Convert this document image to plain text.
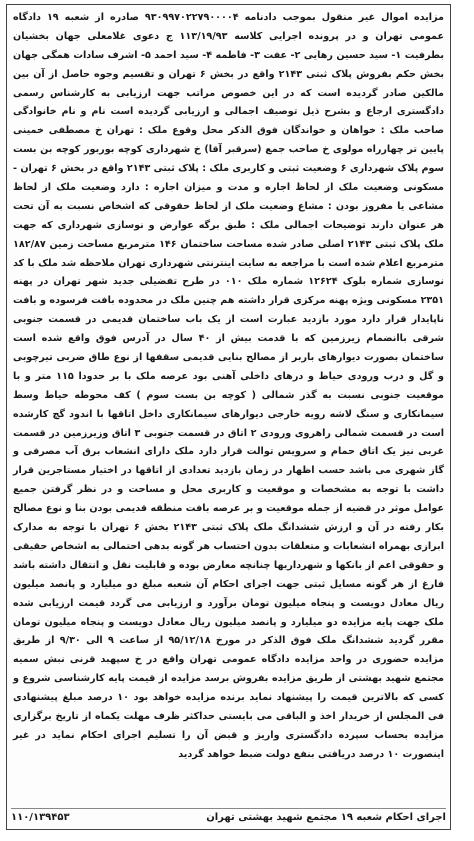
مزایده اموال غیر منقول بموجب دادنامه ۹۳۰۹۹۷۰۲۲۷۹۰۰۰۰۴ صادره از شعبه ۱۹ دادگاه عمومی تهران و در پرونده اجرایی کلاسه ۱۱۳/۱۹/۹۳ ج دعوی غلامعلی جهان بخشیان بطرفیت ۱- سید حسین رهایی ۲- عفت ۳- فاطمه ۴- سید احمد ۵- اشرف سادات همگی جهان بخش حکم بفروش پلاک ثبتی ۲۱۴۳ واقع در بخش ۶ تهران و تقسیم وجوه حاصل از آن بین مالکین صادر گردیده است که در این خصوص مراتب جهت ارزیابی به کارشناس رسمی دادگستری ارجاع و بشرح ذیل توصیف اجمالی و ارزیابی گردیده است نام و نام خانوادگی صاحب ملک : خواهان و خواندگان فوق الذکر محل وقوع ملک : تهران خ مصطفی خمینی پایین تر چهارراه مولوی خ صاحب جمع (سرقبر آقا) خ شهرداری کوچه بوربور کوچه بن بست سوم پلاک شهرداری ۶ وضعیت ثبتی و کاربری ملک : پلاک ثبتی ۲۱۴۳ واقع در بخش ۶ تهران - مسکونی وضعیت ملک از لحاظ اجاره و مدت و میزان اجاره : دارد وضعیت ملک از لحاظ مشاعی یا مفروز بودن : مشاع وضعیت ملک از لحاظ حقوقی که اشخاص نسبت به آن تحت هر عنوان دارند توضیحات اجمالی ملک : طبق برگه عوارض و نوسازی شهرداری که جهت ملک پلاک ثبتی ۲۱۴۳ اصلی صادر شده مساحت ساختمان ۱۴۶ مترمربع مساحت زمین ۱۸۲/۸۷ مترمربع اعلام شده است با مراجعه به سایت اینترنتی شهرداری تهران ملاحظه شد ملک با کد نوسازی شماره بلوک ۱۲۶۲۴ شماره ملک ۰۱۰ در طرح تفضیلی جدید شهر تهران در پهنه ۲۳۵۱ مسکونی ویژه پهنه مرکزی قرار داشته هم چنین ملک در محدوده بافت فرسوده و بافت ناپایدار قرار دارد مورد بازدید عبارت است از یک باب ساختمان قدیمی در قسمت جنوبی شرقی باانضمام زیرزمین که با قدمت بیش از ۴۰ سال در آدرس فوق واقع شده است ساختمان بصورت دیوارهای باربر از مصالح بنایی قدیمی سقفها از نوع طاق ضربی تیرچوبی و گل و درب ورودی حیاط و درهای داخلی آهنی بود عرصه ملک با بر حدودا ۱۱۵ متر و با موقعیت جنوبی نسبت به گذر شمالی ( کوچه بن بست سوم ) کف محوطه حیاط وسط سیمانکاری و سنگ لاشه رویه خارجی دیوارهای سیمانکاری داخل اتاقها با اندود گچ کارشده است در قسمت شمالی راهروی ورودی ۲ اتاق در قسمت جنوبی ۳ اتاق وزیرزمین در قسمت غربی نیز یک اتاق حمام و سرویس توالت قرار دارد ملک دارای انشعاب برق آب مصرفی و گاز شهری می باشد حسب اظهار در زمان بازدید تعدادی از اتاقها در اختیار مستاجرین قرار داشت با توجه به مشخصات و موقعیت و کاربری محل و مساحت و در نظر گرفتن جمیع عوامل موثر در قضیه از جمله موقعیت و بر عرصه بافت منطقه قدیمی بودن بنا و نوع مصالح بکار رفته در آن و ارزش ششدانگ ملک پلاک ثبتی ۲۱۴۳ بخش ۶ تهران با توجه به مدارک ابرازی بهمراه انشعابات و متعلقات بدون احتساب هر گونه بدهی احتمالی به اشخاص حقیقی و حقوقی اعم از بانکها و شهرداریها چنانچه معارض بوده و قابلیت نقل و انتقال داشته باشد فارغ از هر گونه مسایل ثبتی جهت اجرای احکام آن شعبه مبلغ دو میلیارد و پانصد میلیون ریال معادل دویست و پنجاه میلیون تومان برآورد و ارزیابی می گردد قیمت ارزیابی شده ملک جهت پایه مزایده دو میلیارد و پانصد میلیون ریال معادل دویست و پنجاه میلیون تومان مقرر گردید ششدانگ ملک فوق الذکر در مورخ ۹۵/۱۲/۱۸ از ساعت ۹ الی ۹/۳۰ از طریق مزایده حضوری در واحد مزایده دادگاه عمومی تهران واقع در خ سپهبد قرنی نبش سمیه مجتمع شهید بهشتی از طریق مزایده بفروش برسد مزایده از قیمت پایه کارشناسی شروع و کسی که بالاترین قیمت را پیشنهاد نماید برنده مزایده خواهد بود ۱۰ درصد مبلغ پیشنهادی فی المجلس از خریدار اخذ و الباقی می بایستی حداکثر ظرف مهلت یکماه از تاریخ برگزاری مزایده بحساب سپرده دادگستری واریز و قبض آن را تسلیم اجرای احکام نماید در غیر اینصورت ۱۰ درصد دریافتی بنفع دولت ضبط خواهد گردید

اجرای احکام شعبه ۱۹ مجتمع شهید بهشتی تهران
۱۱۰/۱۳۹۴۵۳
